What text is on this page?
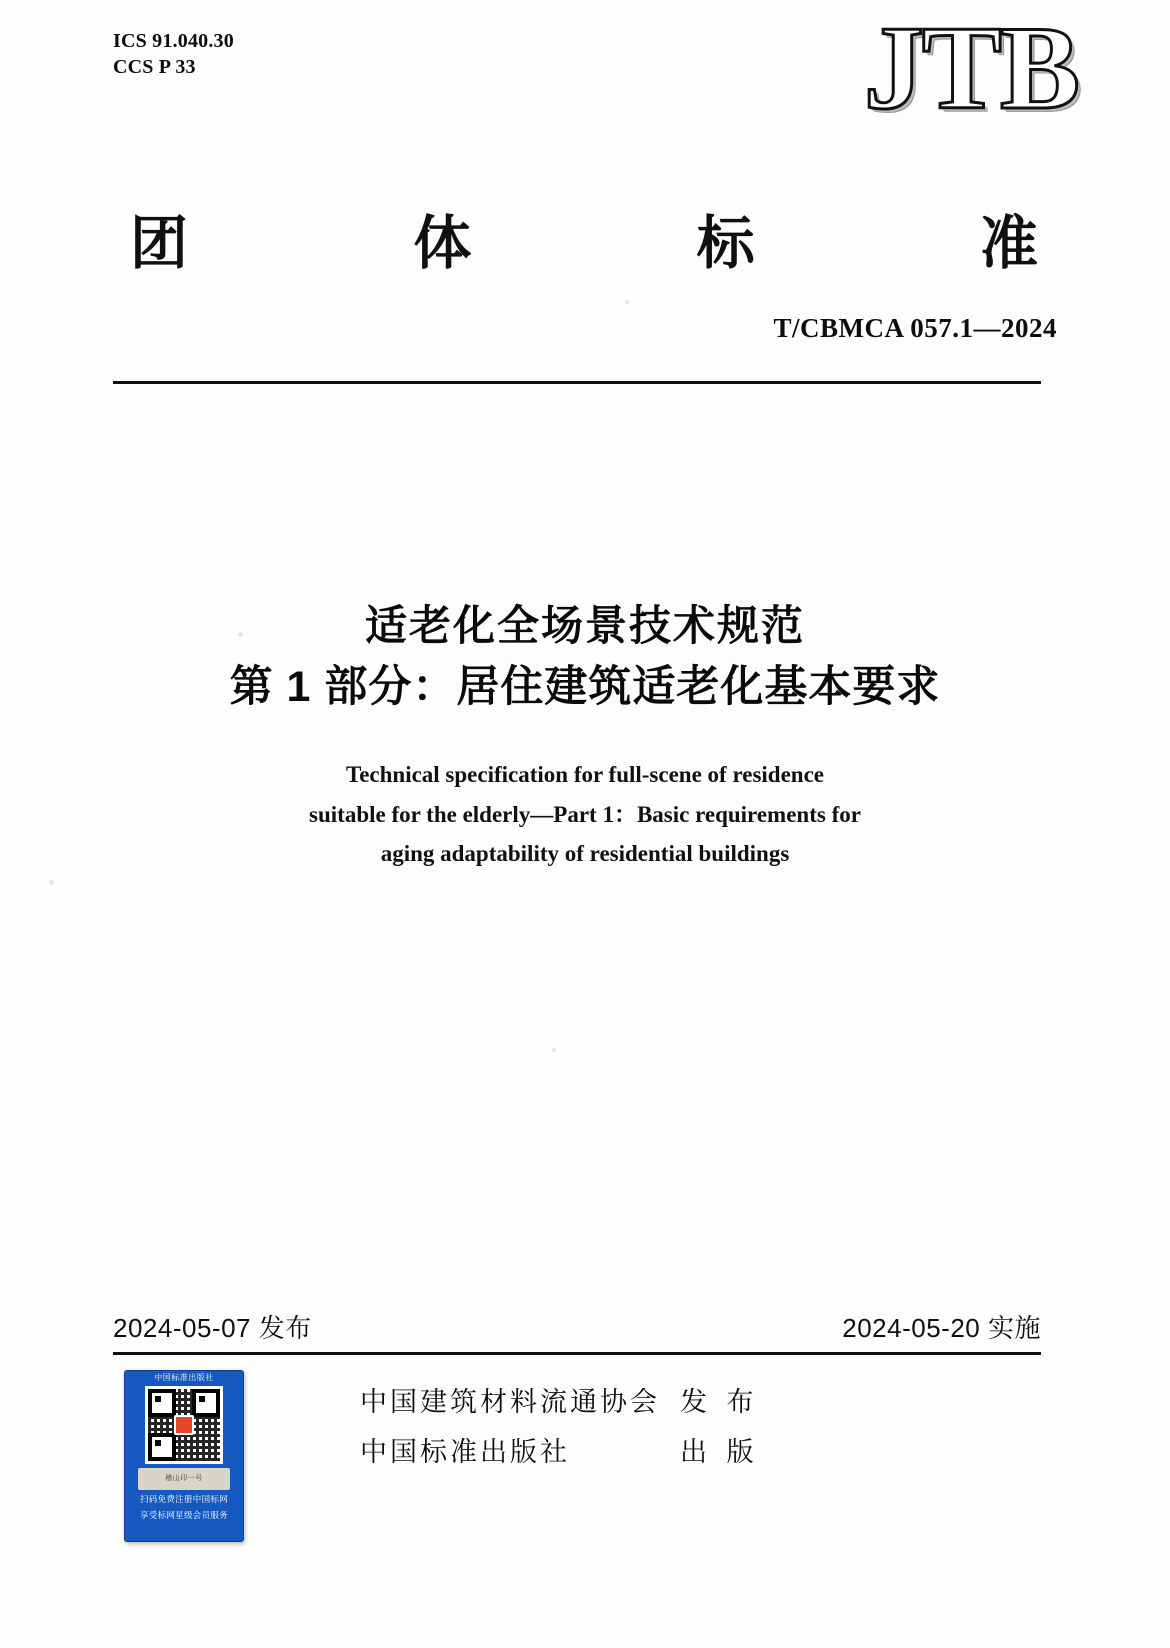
ICS 91.040.30
CCS P 33	JTB
团	体	标	准
T/CBMCA 057.1—2024
适老化全场景技术规范
第 1 部分：居住建筑适老化基本要求
Technical specification for full-scene of residence
suitable for the elderly—Part 1：Basic requirements for
aging adaptability of residential buildings
2024-05-07 发布	2024-05-20 实施
中国建筑材料流通协会 发 布
中国标准出版社	出 版
中国标准出版社
稽山印一号
扫码免费注册中国标网
享受标网星级会员服务
